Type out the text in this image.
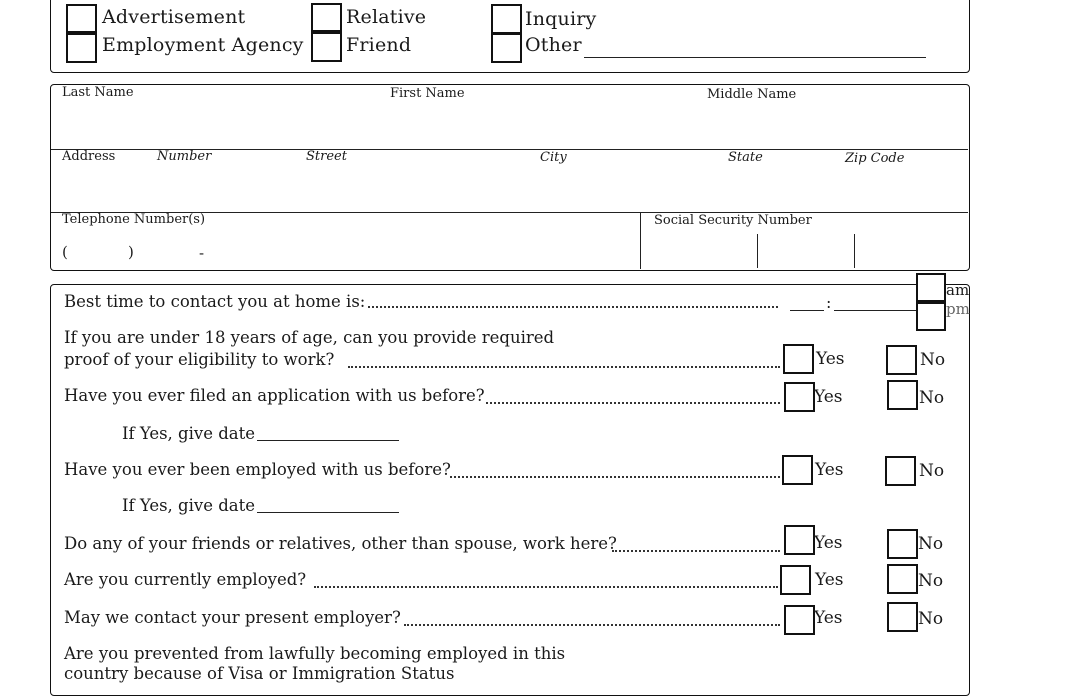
Advertisement
Employment Agency
Relative
Friend
Inquiry
Other
Last Name	First Name	Middle Name
Address	Number	Street	City	State	Zip Code
Telephone Number(s)
(	)	-
Social Security Number
Best time to contact you at home is:	:
am
pm
If you are under 18 years of age, can you provide required
proof of your eligibility to work?	Yes	No
Have you ever filed an application with us before?	Yes	No
If Yes, give date
Have you ever been employed with us before?	Yes	No
If Yes, give date
Do any of your friends or relatives, other than spouse, work here?	Yes	No
Are you currently employed?	Yes	No
May we contact your present employer?	Yes	No
Are you prevented from lawfully becoming employed in this
country because of Visa or Immigration Status
